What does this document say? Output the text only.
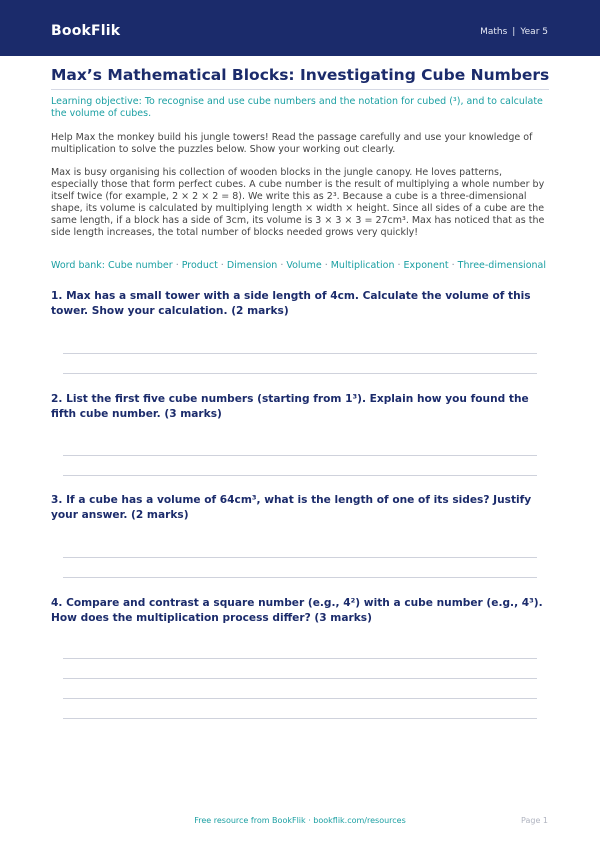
BookFlik	Maths | Year 5
Max’s Mathematical Blocks: Investigating Cube Numbers
Learning objective: To recognise and use cube numbers and the notation for cubed (³), and to calculate the volume of cubes.
Help Max the monkey build his jungle towers! Read the passage carefully and use your knowledge of multiplication to solve the puzzles below. Show your working out clearly.
Max is busy organising his collection of wooden blocks in the jungle canopy. He loves patterns, especially those that form perfect cubes. A cube number is the result of multiplying a whole number by itself twice (for example, 2 × 2 × 2 = 8). We write this as 2³. Because a cube is a three-dimensional shape, its volume is calculated by multiplying length × width × height. Since all sides of a cube are the same length, if a block has a side of 3cm, its volume is 3 × 3 × 3 = 27cm³. Max has noticed that as the side length increases, the total number of blocks needed grows very quickly!
Word bank: Cube number · Product · Dimension · Volume · Multiplication · Exponent · Three-dimensional
1. Max has a small tower with a side length of 4cm. Calculate the volume of this tower. Show your calculation. (2 marks)
2. List the first five cube numbers (starting from 1³). Explain how you found the fifth cube number. (3 marks)
3. If a cube has a volume of 64cm³, what is the length of one of its sides? Justify your answer. (2 marks)
4. Compare and contrast a square number (e.g., 4²) with a cube number (e.g., 4³). How does the multiplication process differ? (3 marks)
Free resource from BookFlik · bookflik.com/resources	Page 1
